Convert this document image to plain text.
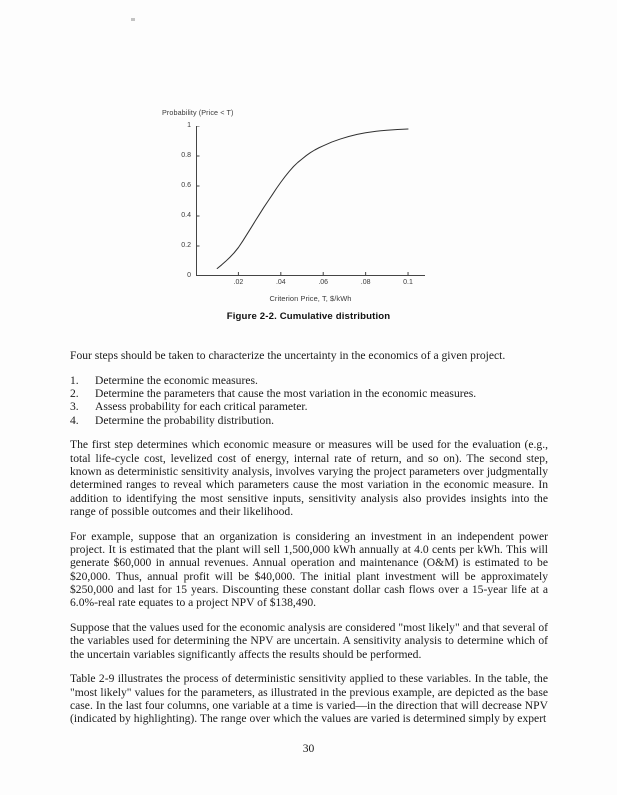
Probability (Price < T)
0
0.2
0.4
0.6
0.8
1
.02	.04	.06	.08	0.1
Criterion Price, T, $/kWh
Figure 2-2. Cumulative distribution

Four steps should be taken to characterize the uncertainty in the economics of a given project.

1. Determine the economic measures.
2. Determine the parameters that cause the most variation in the economic measures.
3. Assess probability for each critical parameter.
4. Determine the probability distribution.

The first step determines which economic measure or measures will be used for the evaluation (e.g., total life-cycle cost, levelized cost of energy, internal rate of return, and so on). The second step, known as deterministic sensitivity analysis, involves varying the project parameters over judgmentally determined ranges to reveal which parameters cause the most variation in the economic measure. In addition to identifying the most sensitive inputs, sensitivity analysis also provides insights into the range of possible outcomes and their likelihood.

For example, suppose that an organization is considering an investment in an independent power project. It is estimated that the plant will sell 1,500,000 kWh annually at 4.0 cents per kWh. This will generate $60,000 in annual revenues. Annual operation and maintenance (O&M) is estimated to be $20,000. Thus, annual profit will be $40,000. The initial plant investment will be approximately $250,000 and last for 15 years. Discounting these constant dollar cash flows over a 15-year life at a 6.0%-real rate equates to a project NPV of $138,490.

Suppose that the values used for the economic analysis are considered "most likely" and that several of the variables used for determining the NPV are uncertain. A sensitivity analysis to determine which of the uncertain variables significantly affects the results should be performed.

Table 2-9 illustrates the process of deterministic sensitivity applied to these variables. In the table, the "most likely" values for the parameters, as illustrated in the previous example, are depicted as the base case. In the last four columns, one variable at a time is varied—in the direction that will decrease NPV (indicated by highlighting). The range over which the values are varied is determined simply by expert

30
